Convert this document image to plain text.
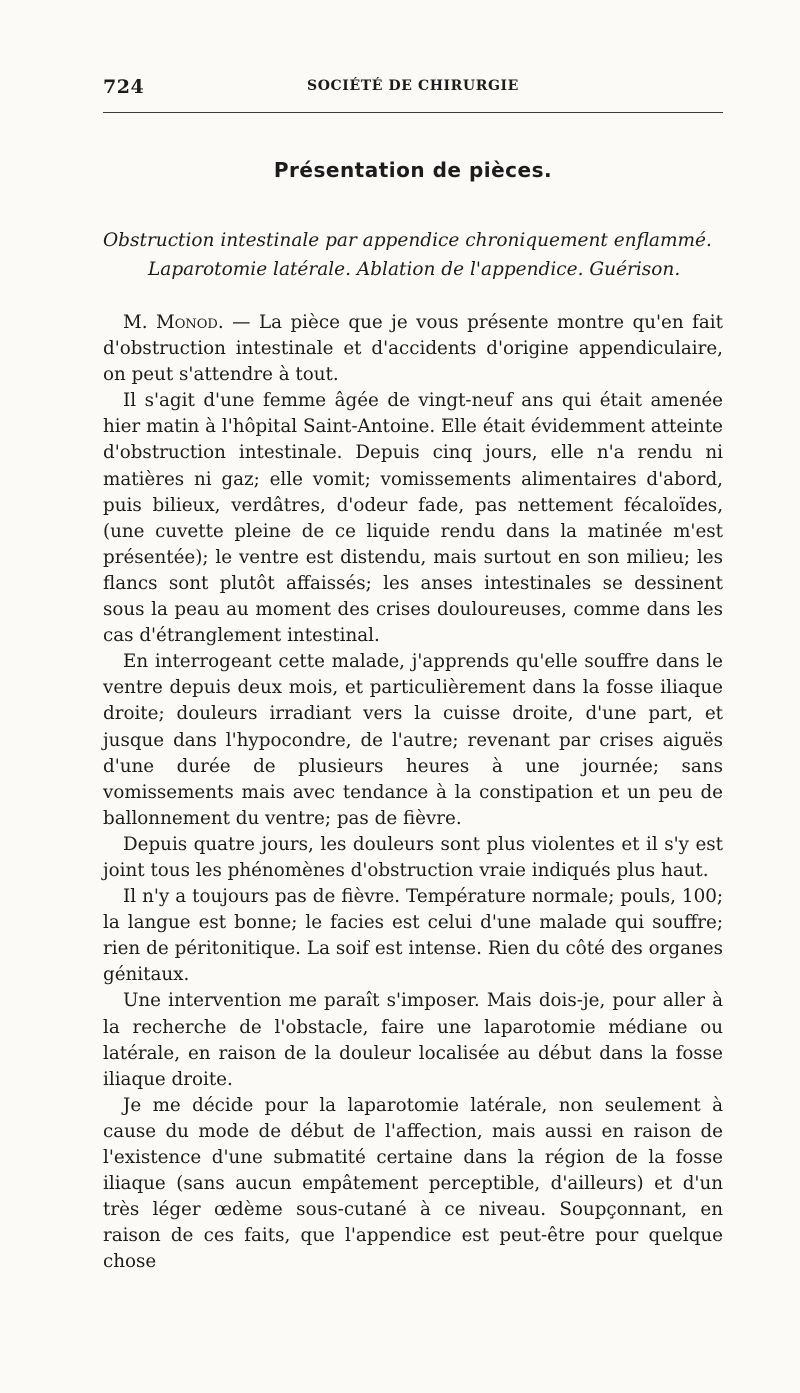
724	SOCIÉTÉ DE CHIRURGIE
Présentation de pièces.
Obstruction intestinale par appendice chroniquement enflammé.
Laparotomie latérale. Ablation de l'appendice. Guérison.

M. Monod. — La pièce que je vous présente montre qu'en fait d'obstruction intestinale et d'accidents d'origine appendiculaire, on peut s'attendre à tout.

Il s'agit d'une femme âgée de vingt-neuf ans qui était amenée hier matin à l'hôpital Saint-Antoine. Elle était évidemment atteinte d'obstruction intestinale. Depuis cinq jours, elle n'a rendu ni matières ni gaz; elle vomit; vomissements alimentaires d'abord, puis bilieux, verdâtres, d'odeur fade, pas nettement fécaloïdes, (une cuvette pleine de ce liquide rendu dans la matinée m'est présentée); le ventre est distendu, mais surtout en son milieu; les flancs sont plutôt affaissés; les anses intestinales se dessinent sous la peau au moment des crises douloureuses, comme dans les cas d'étranglement intestinal.

En interrogeant cette malade, j'apprends qu'elle souffre dans le ventre depuis deux mois, et particulièrement dans la fosse iliaque droite; douleurs irradiant vers la cuisse droite, d'une part, et jusque dans l'hypocondre, de l'autre; revenant par crises aiguës d'une durée de plusieurs heures à une journée; sans vomissements mais avec tendance à la constipation et un peu de ballonnement du ventre; pas de fièvre.

Depuis quatre jours, les douleurs sont plus violentes et il s'y est joint tous les phénomènes d'obstruction vraie indiqués plus haut.

Il n'y a toujours pas de fièvre. Température normale; pouls, 100; la langue est bonne; le facies est celui d'une malade qui souffre; rien de péritonitique. La soif est intense. Rien du côté des organes génitaux.

Une intervention me paraît s'imposer. Mais dois-je, pour aller à la recherche de l'obstacle, faire une laparotomie médiane ou latérale, en raison de la douleur localisée au début dans la fosse iliaque droite.

Je me décide pour la laparotomie latérale, non seulement à cause du mode de début de l'affection, mais aussi en raison de l'existence d'une submatité certaine dans la région de la fosse iliaque (sans aucun empâtement perceptible, d'ailleurs) et d'un très léger œdème sous-cutané à ce niveau. Soupçonnant, en raison de ces faits, que l'appendice est peut-être pour quelque chose
